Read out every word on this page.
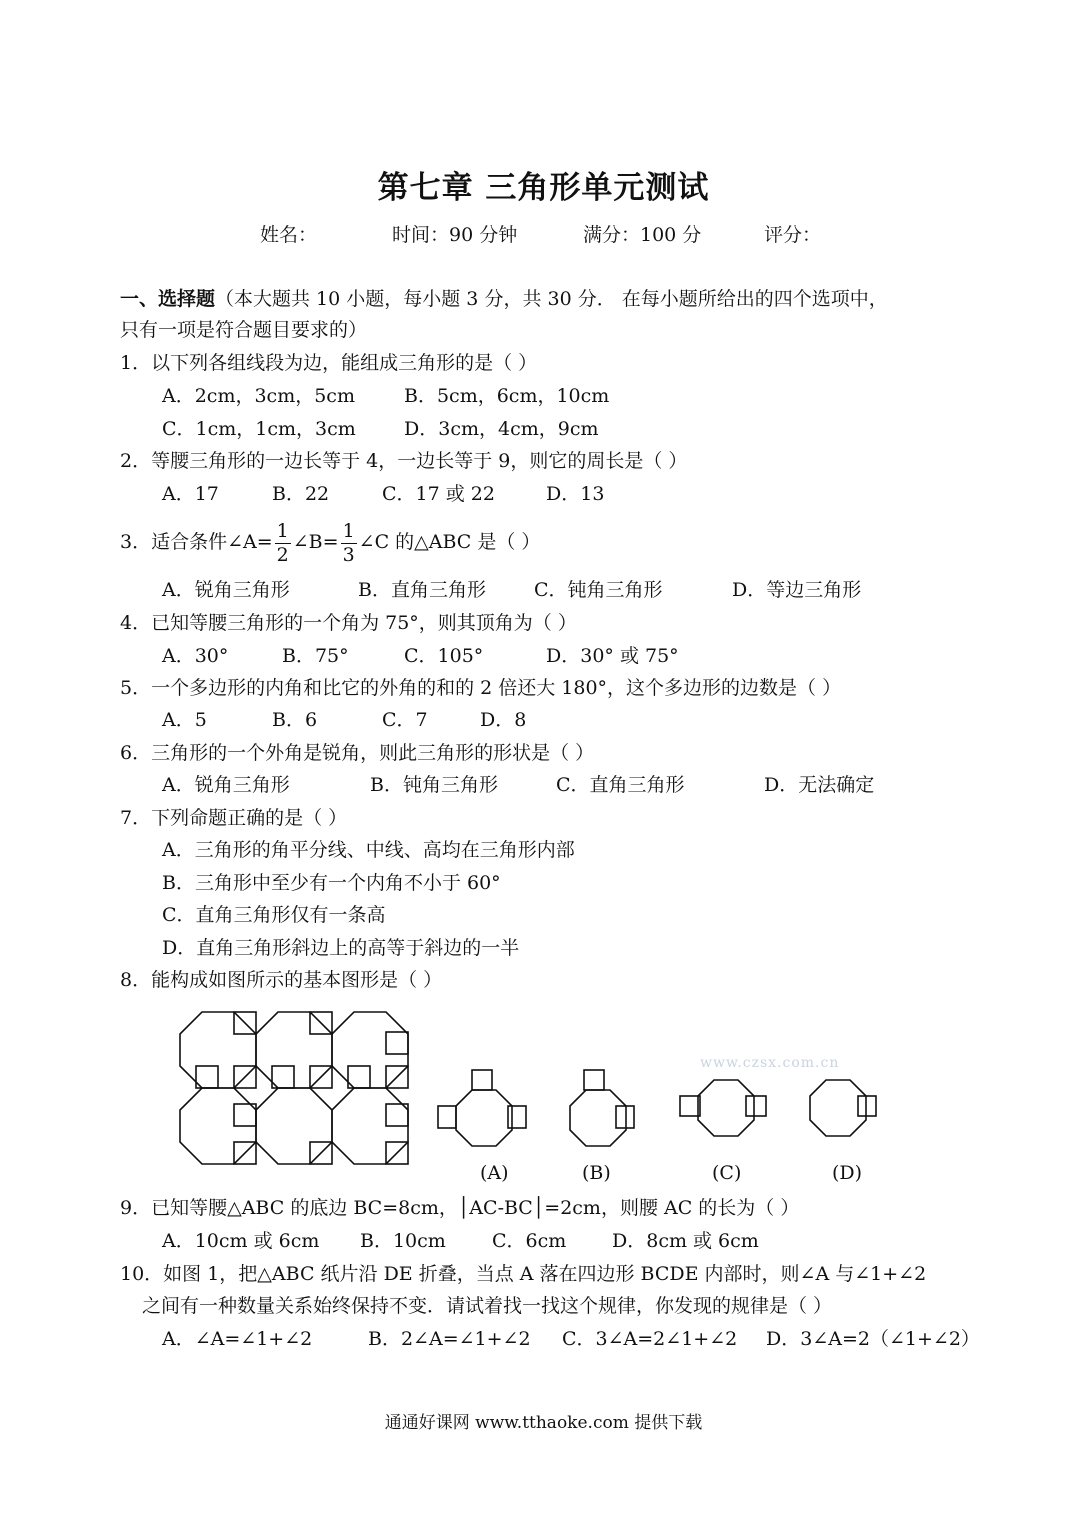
第七章 三角形单元测试
姓名：	时间：90 分钟	满分：100 分	评分：
一、选择题（本大题共 10 小题，每小题 3 分，共 30 分． 在每小题所给出的四个选项中，
只有一项是符合题目要求的）
1．以下列各组线段为边，能组成三角形的是（ ）
A．2cm，3cm，5cm	B．5cm，6cm，10cm
C．1cm，1cm，3cm	D．3cm，4cm，9cm
2．等腰三角形的一边长等于 4，一边长等于 9，则它的周长是（ ）
A．17	B．22	C．17 或 22	D．13
3．适合条件∠A= $\frac{1}{2}$ ∠B= $\frac{1}{3}$ ∠C 的△ABC 是（ ）
A．锐角三角形	B．直角三角形	C．钝角三角形	D．等边三角形
4．已知等腰三角形的一个角为 75°，则其顶角为（ ）
A．30°	B．75°	C．105°	D．30° 或 75°
5．一个多边形的内角和比它的外角的和的 2 倍还大 180°，这个多边形的边数是（ ）
A．5	B．6	C．7	D．8
6．三角形的一个外角是锐角，则此三角形的形状是（ ）
A．锐角三角形	B．钝角三角形	C．直角三角形	D．无法确定
7．下列命题正确的是（ ）
A．三角形的角平分线、中线、高均在三角形内部
B．三角形中至少有一个内角不小于 60°
C．直角三角形仅有一条高
D．直角三角形斜边上的高等于斜边的一半
8．能构成如图所示的基本图形是（ ）
www.czsx.com.cn
(A)	(B)	(C)	(D)
9．已知等腰△ABC 的底边 BC=8cm，│AC-BC│=2cm，则腰 AC 的长为（ ）
A．10cm 或 6cm B．10cm C．6cm D．8cm 或 6cm
10．如图 1，把△ABC 纸片沿 DE 折叠，当点 A 落在四边形 BCDE 内部时，则∠A 与∠1+∠2
之间有一种数量关系始终保持不变．请试着找一找这个规律，你发现的规律是（ ）
A．∠A=∠1+∠2	B．2∠A=∠1+∠2 C．3∠A=2∠1+∠2 D．3∠A=2（∠1+∠2）
通通好课网 www.tthaoke.com 提供下载
